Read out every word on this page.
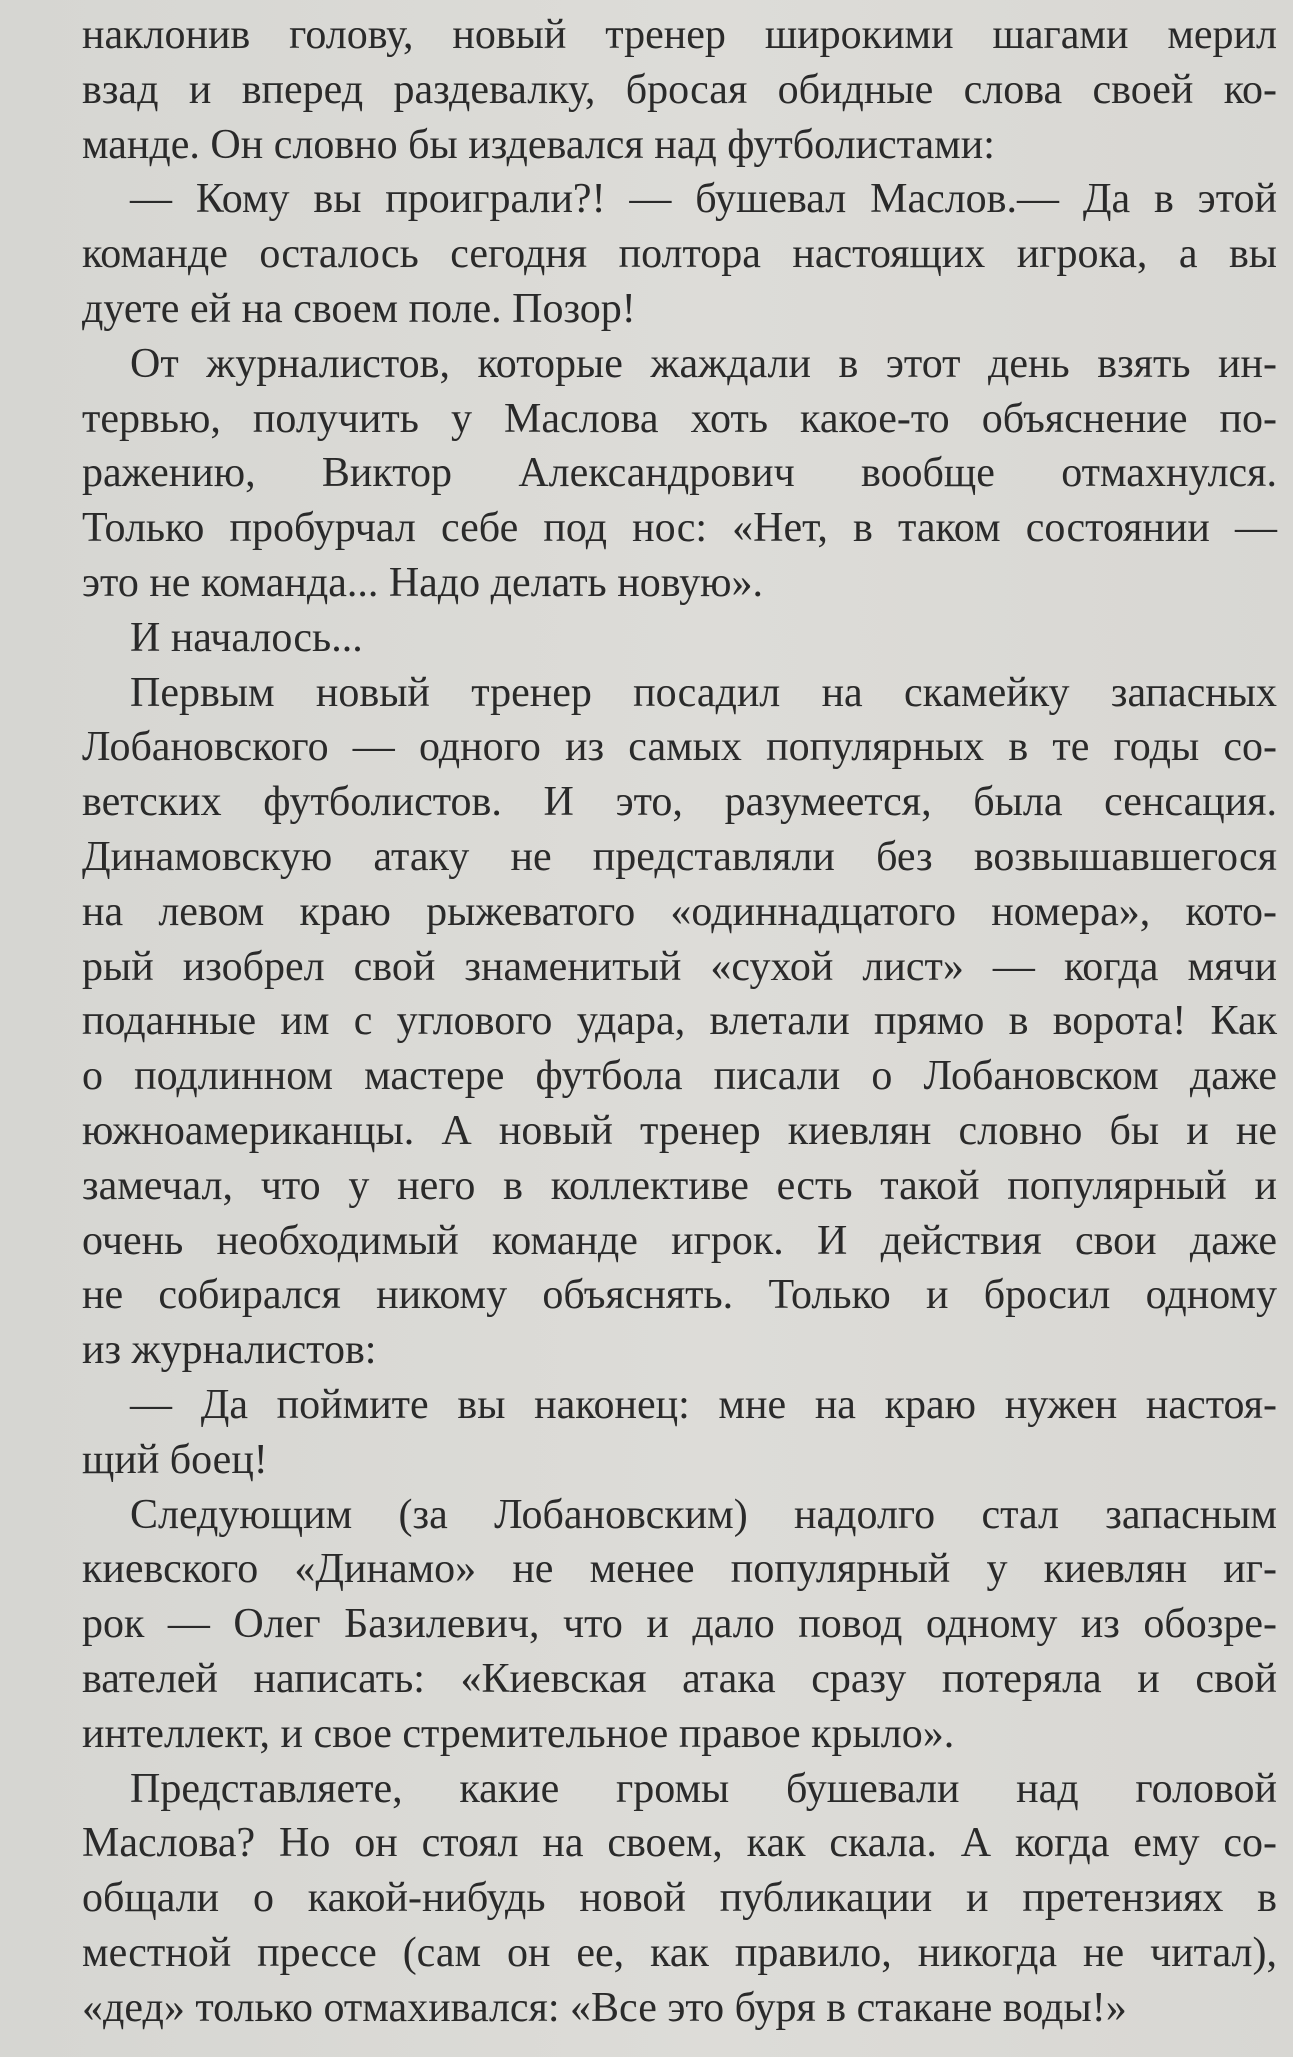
наклонив голову, новый тренер широкими шагами мерил
взад и вперед раздевалку, бросая обидные слова своей ко-
манде. Он словно бы издевался над футболистами:
— Кому вы проиграли?! — бушевал Маслов.— Да в этой
команде осталось сегодня полтора настоящих игрока, а вы
дуете ей на своем поле. Позор!
От журналистов, которые жаждали в этот день взять ин-
тервью, получить у Маслова хоть какое-то объяснение по-
ражению, Виктор Александрович вообще отмахнулся.
Только пробурчал себе под нос: «Нет, в таком состоянии —
это не команда... Надо делать новую».
И началось...
Первым новый тренер посадил на скамейку запасных
Лобановского — одного из самых популярных в те годы со-
ветских футболистов. И это, разумеется, была сенсация.
Динамовскую атаку не представляли без возвышавшегося
на левом краю рыжеватого «одиннадцатого номера», кото-
рый изобрел свой знаменитый «сухой лист» — когда мячи
поданные им с углового удара, влетали прямо в ворота! Как
о подлинном мастере футбола писали о Лобановском даже
южноамериканцы. А новый тренер киевлян словно бы и не
замечал, что у него в коллективе есть такой популярный и
очень необходимый команде игрок. И действия свои даже
не собирался никому объяснять. Только и бросил одному
из журналистов:
— Да поймите вы наконец: мне на краю нужен настоя-
щий боец!
Следующим (за Лобановским) надолго стал запасным
киевского «Динамо» не менее популярный у киевлян иг-
рок — Олег Базилевич, что и дало повод одному из обозре-
вателей написать: «Киевская атака сразу потеряла и свой
интеллект, и свое стремительное правое крыло».
Представляете, какие громы бушевали над головой
Маслова? Но он стоял на своем, как скала. А когда ему со-
общали о какой-нибудь новой публикации и претензиях в
местной прессе (сам он ее, как правило, никогда не читал),
«дед» только отмахивался: «Все это буря в стакане воды!»
